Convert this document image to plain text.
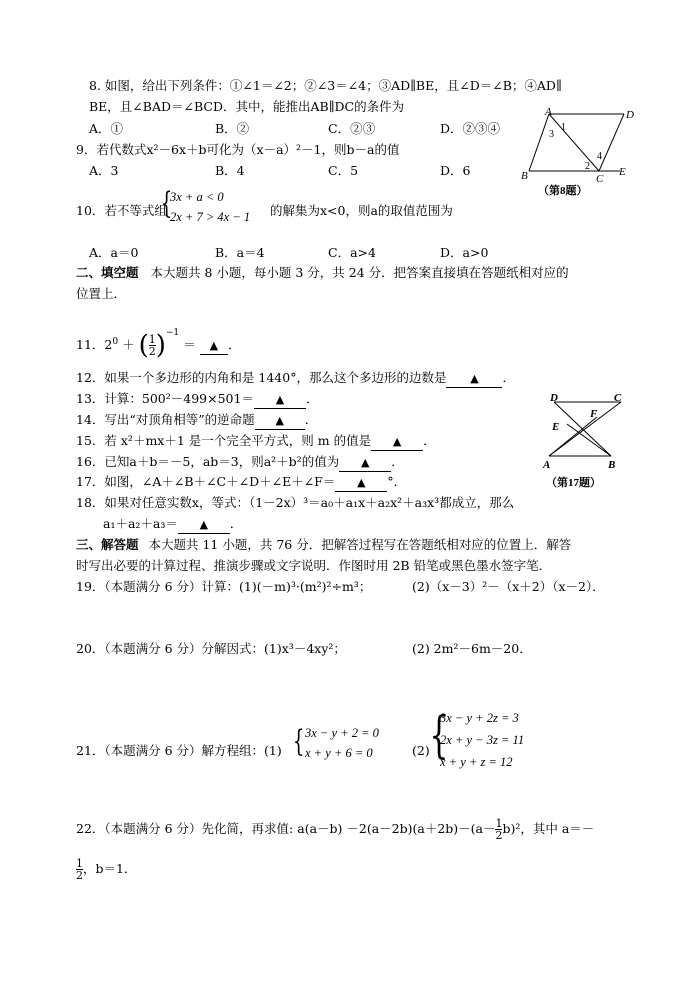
8. 如图，给出下列条件：①∠1＝∠2；②∠3＝∠4；③AD∥BE，且∠D＝∠B；④AD∥
BE，且∠BAD＝∠BCD．其中，能推出AB∥DC的条件为
A．①	B．②	C．②③	D．②③④
9．若代数式x²－6x＋b可化为（x－a）²－1，则b－a的值
A．3	B．4	C．5	D．6
A	D
B	C
E
1
3
2
4
（第8题）
10．若不等式组
{
3x + a < 0
2x + 7 > 4x − 1 的解集为x<0，则a的取值范围为
A．a＝0	B．a＝4	C．a>4	D．a>0
二、填空题 本大题共 8 小题，每小题 3 分，共 24 分．把答案直接填在答题纸相对应的
位置上．
11．$2^0$ ＋ ( $\frac{1}{2} )^{-1}$ ＝ ▲ ．
12．如果一个多边形的内角和是 1440°，那么这个多边形的边数是 ▲ ．
13．计算：500²－499×501＝ ▲ ．
14．写出“对顶角相等”的逆命题 ▲ ．
15．若 x²＋mx＋1 是一个完全平方式，则 m 的值是 ▲ ．
16．已知a＋b＝－5，ab＝3，则a²＋b²的值为 ▲ ．
17．如图，∠A＋∠B＋∠C＋∠D＋∠E＋∠F＝ ▲ °．
18．如果对任意实数x，等式：（1－2x）³＝a₀＋a₁x＋a₂x²＋a₃x³都成立，那么
a₁＋a₂＋a₃＝ ▲ ．
D	C
E
F
A	B
（第17题）
三、解答题 本大题共 11 小题，共 76 分．把解答过程写在答题纸相对应的位置上．解答
时写出必要的计算过程、推演步骤或文字说明．作图时用 2B 铅笔或黑色墨水签字笔．
19．（本题满分 6 分）计算：(1)(－m)³·(m²)²÷m³；	(2)（x－3）²－（x＋2）（x－2）．
20．（本题满分 6 分）分解因式：(1)x³－4xy²；	(2) 2m²－6m－20．
21．（本题满分 6 分）解方程组：(1) { 3x − y + 2 = 0
x + y + 6 = 0	(2) {
3x − y + 2z = 3
2x + y − 3z = 11
x + y + z = 12
22．（本题满分 6 分）先化简，再求值: $a(a-b) -2(a-2b)(a+2b)-(a- \frac{1}{2} b)^2$，其中 a＝－
$\frac{1}{2}$ ，b＝1．
